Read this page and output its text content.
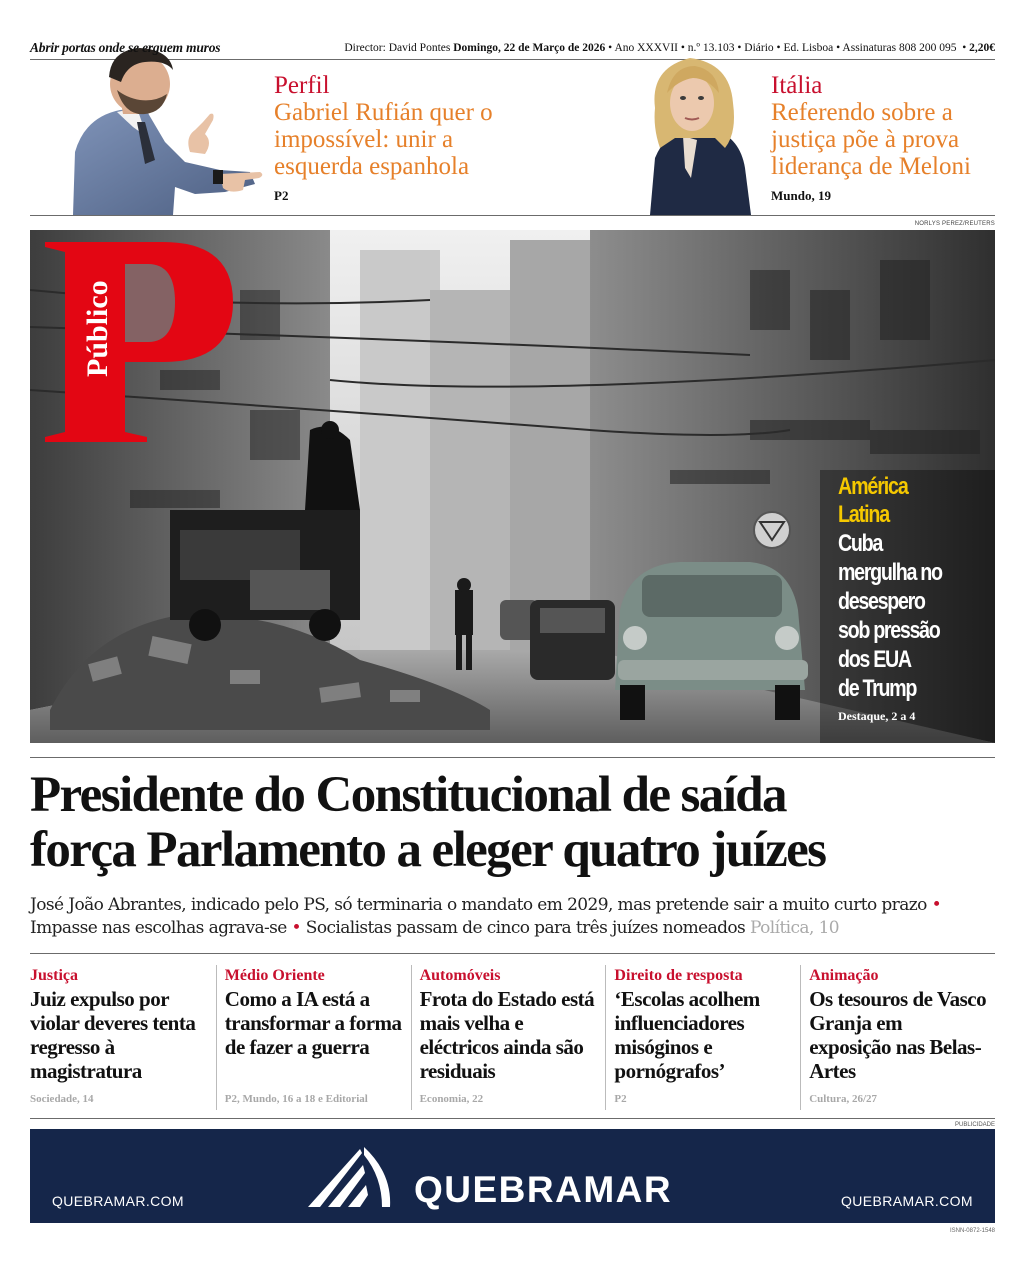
Abrir portas onde se erguem muros	Director: David Pontes Domingo, 22 de Março de 2026 • Ano XXXVII • n.º 13.103 • Diário • Ed. Lisboa • Assinaturas 808 200 095  • 2,20€
Perfil
Gabriel Rufián quer o impossível: unir a esquerda espanhola
P2
Itália
Referendo sobre a justiça põe à prova liderança de Meloni
Mundo, 19
NORLYS PEREZ/REUTERS
Público
América
Latina
Cuba
mergulha no
desespero
sob pressão
dos EUA
de Trump
Destaque, 2 a 4
Presidente do Constitucional de saída
força Parlamento a eleger quatro juízes
José João Abrantes, indicado pelo PS, só terminaria o mandato em 2029, mas pretende sair a muito curto prazo • Impasse nas escolhas agrava-se • Socialistas passam de cinco para três juízes nomeados Política, 10
Justiça
Juiz expulso por violar deveres tenta regresso à magistratura
Sociedade, 14
Médio Oriente
Como a IA está a transformar a forma de fazer a guerra
P2, Mundo, 16 a 18 e Editorial
Automóveis
Frota do Estado está mais velha e eléctricos ainda são residuais
Economia, 22
Direito de resposta
‘Escolas acolhem influenciadores misóginos e pornógrafos’
P2
Animação
Os tesouros de Vasco Granja em exposição nas Belas-Artes
Cultura, 26/27
PUBLICIDADE
QUEBRAMAR.COM	QUEBRAMAR	QUEBRAMAR.COM
ISNN-0872-1548
